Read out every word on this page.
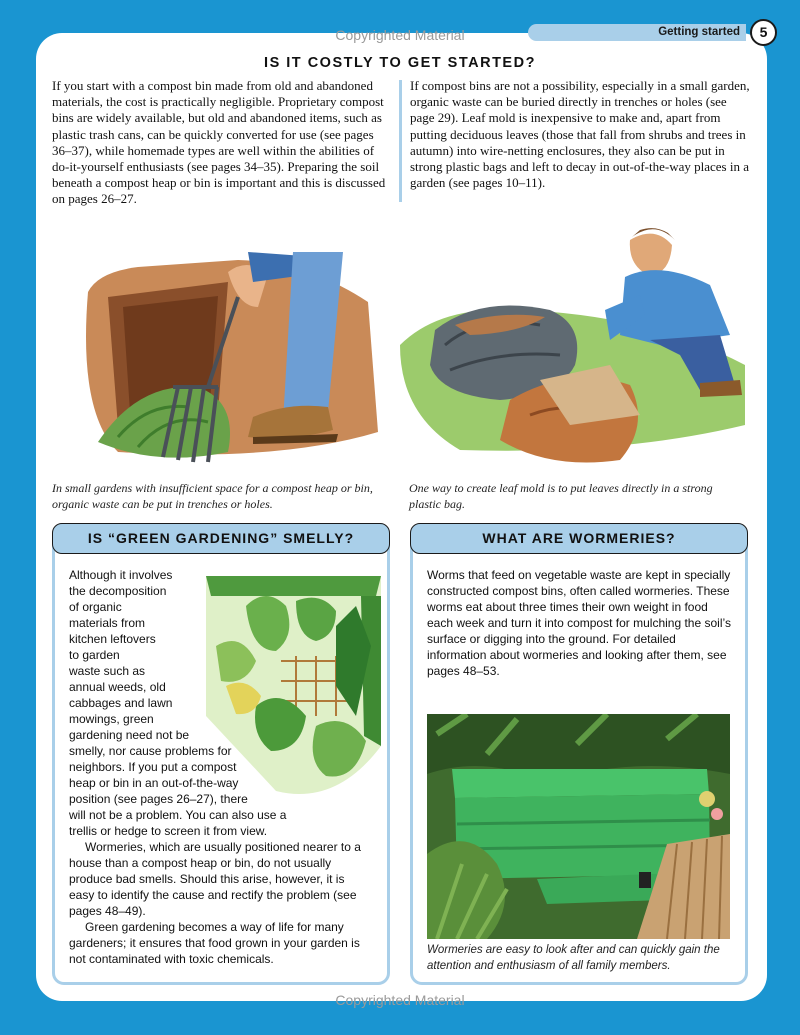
Copyrighted Material
Copyrighted Material
Getting started	5
IS IT COSTLY TO GET STARTED?
If you start with a compost bin made from old and abandoned materials, the cost is practically negligible. Proprietary compost bins are widely available, but old and abandoned items, such as plastic trash cans, can be quickly converted for use (see pages 36–37), while homemade types are well within the abilities of do-it-yourself enthusiasts (see pages 34–35). Preparing the soil beneath a compost heap or bin is important and this is discussed on pages 26–27.
If compost bins are not a possibility, especially in a small garden, organic waste can be buried directly in trenches or holes (see page 29). Leaf mold is inexpensive to make and, apart from putting deciduous leaves (those that fall from shrubs and trees in autumn) into wire-netting enclosures, they also can be put in strong plastic bags and left to decay in out-of-the-way places in a garden (see pages 10–11).
In small gardens with insufficient space for a compost heap or bin, organic waste can be put in trenches or holes.
One way to create leaf mold is to put leaves directly in a strong plastic bag.
IS “GREEN GARDENING” SMELLY?
Although it involves
the decomposition
of organic
materials from
kitchen leftovers
to garden
waste such as
annual weeds, old
cabbages and lawn
mowings, green
gardening need not be
smelly, nor cause problems for
neighbors. If you put a compost
heap or bin in an out-of-the-way
position (see pages 26–27), there
will not be a problem. You can also use a
trellis or hedge to screen it from view.

Wormeries, which are usually positioned nearer to a house than a compost heap or bin, do not usually produce bad smells. Should this arise, however, it is easy to identify the cause and rectify the problem (see pages 48–49).

Green gardening becomes a way of life for many gardeners; it ensures that food grown in your garden is not contaminated with toxic chemicals.

WHAT ARE WORMERIES?
Worms that feed on vegetable waste are kept in specially constructed compost bins, often called wormeries. These worms eat about three times their own weight in food each week and turn it into compost for mulching the soil’s surface or digging into the ground. For detailed information about wormeries and looking after them, see pages 48–53.
Wormeries are easy to look after and can quickly gain the attention and enthusiasm of all family members.
